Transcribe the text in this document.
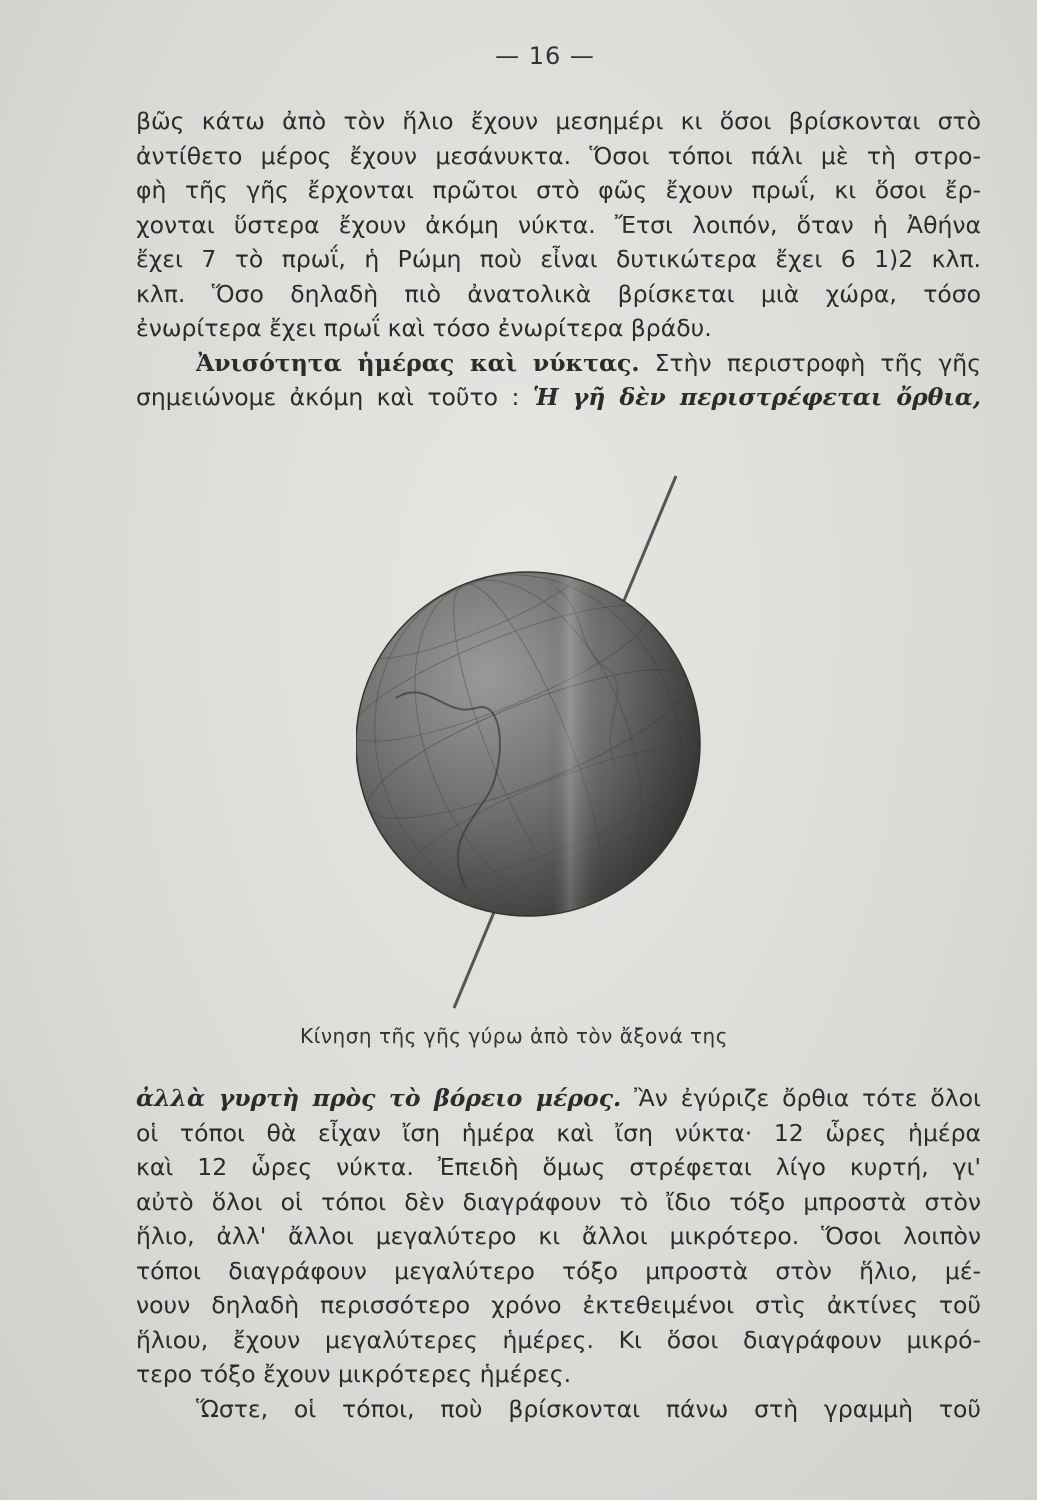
— 16 —
βῶς κάτω ἀπὸ τὸν ἥλιο ἔχουν μεσημέρι κι ὅσοι βρίσκονται στὸ
ἀντίθετο μέρος ἔχουν μεσάνυκτα. Ὅσοι τόποι πάλι μὲ τὴ στρο-
φὴ τῆς γῆς ἔρχονται πρῶτοι στὸ φῶς ἔχουν πρωΐ, κι ὅσοι ἔρ-
χονται ὕστερα ἔχουν ἀκόμη νύκτα. Ἔτσι λοιπόν, ὅταν ἡ Ἀθήνα
ἔχει 7 τὸ πρωΐ, ἡ Ρώμη ποὺ εἶναι δυτικώτερα ἔχει 6 1)2 κλπ.
κλπ. Ὅσο δηλαδὴ πιὸ ἀνατολικὰ βρίσκεται μιὰ χώρα, τόσο
ἐνωρίτερα ἔχει πρωΐ καὶ τόσο ἐνωρίτερα βράδυ.
Ἀνισότητα ἡμέρας καὶ νύκτας. Στὴν περιστροφὴ τῆς γῆς
σημειώνομε ἀκόμη καὶ τοῦτο : Ἡ γῆ δὲν περιστρέφεται ὄρθια,
Κίνηση τῆς γῆς γύρω ἀπὸ τὸν ἄξονά της
ἀλλὰ γυρτὴ πρὸς τὸ βόρειο μέρος. Ἂν ἐγύριζε ὄρθια τότε ὅλοι
οἱ τόποι θὰ εἶχαν ἴση ἡμέρα καὶ ἴση νύκτα· 12 ὧρες ἡμέρα
καὶ 12 ὧρες νύκτα. Ἐπειδὴ ὅμως στρέφεται λίγο κυρτή, γι'
αὐτὸ ὅλοι οἱ τόποι δὲν διαγράφουν τὸ ἴδιο τόξο μπροστὰ στὸν
ἥλιο, ἀλλ' ἄλλοι μεγαλύτερο κι ἄλλοι μικρότερο. Ὅσοι λοιπὸν
τόποι διαγράφουν μεγαλύτερο τόξο μπροστὰ στὸν ἥλιο, μέ-
νουν δηλαδὴ περισσότερο χρόνο ἐκτεθειμένοι στὶς ἀκτίνες τοῦ
ἥλιου, ἔχουν μεγαλύτερες ἡμέρες. Κι ὅσοι διαγράφουν μικρό-
τερο τόξο ἔχουν μικρότερες ἡμέρες.
Ὥστε, οἱ τόποι, ποὺ βρίσκονται πάνω στὴ γραμμὴ τοῦ
